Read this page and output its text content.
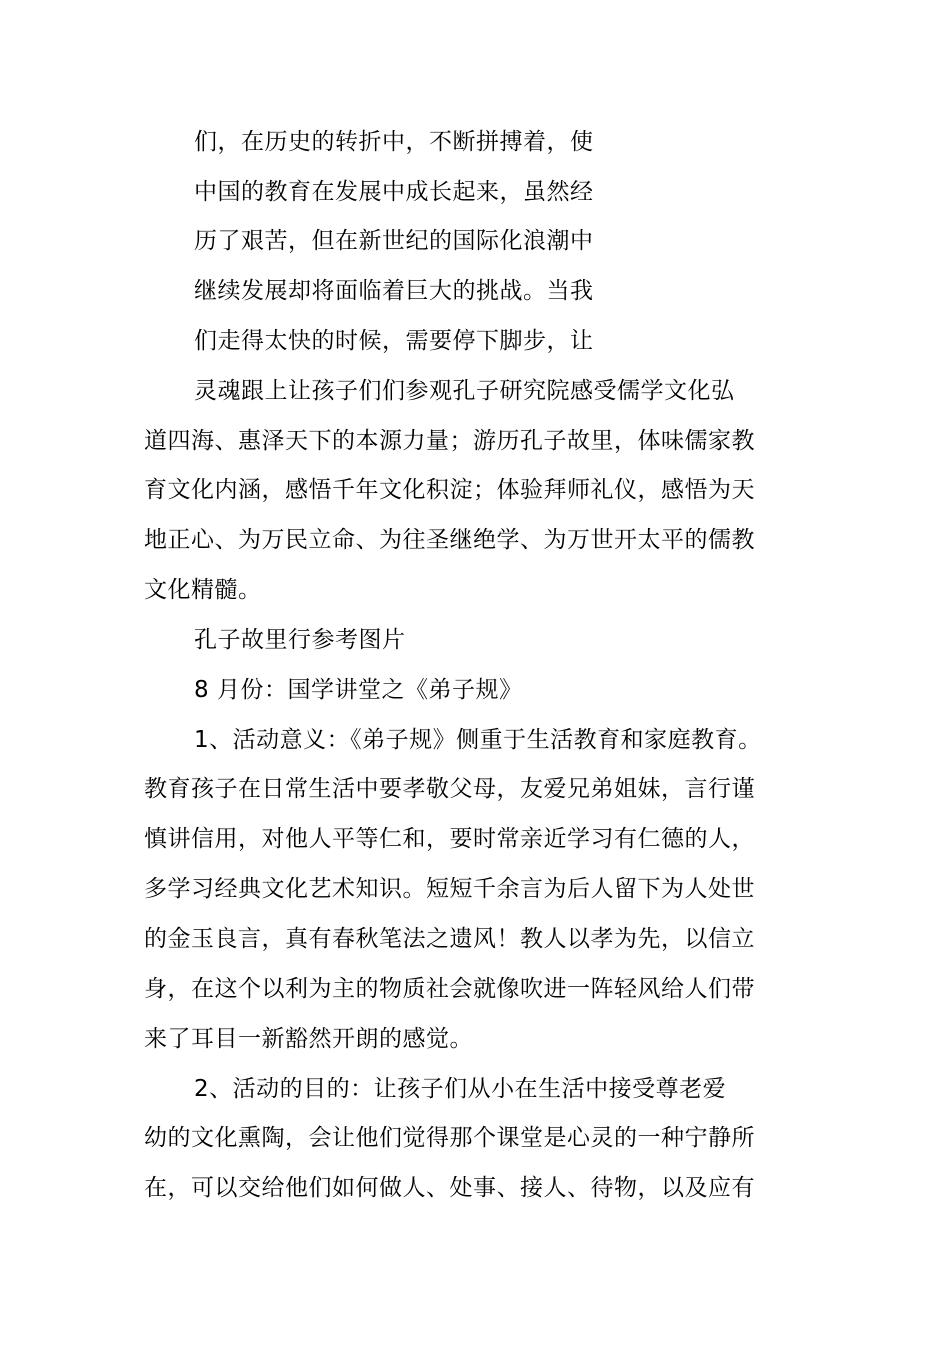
们，在历史的转折中，不断拼搏着，使
中国的教育在发展中成长起来，虽然经
历了艰苦，但在新世纪的国际化浪潮中
继续发展却将面临着巨大的挑战。当我
们走得太快的时候，需要停下脚步，让
灵魂跟上让孩子们们参观孔子研究院感受儒学文化弘
道四海、惠泽天下的本源力量；游历孔子故里，体味儒家教
育文化内涵，感悟千年文化积淀；体验拜师礼仪，感悟为天
地正心、为万民立命、为往圣继绝学、为万世开太平的儒教
文化精髓。
孔子故里行参考图片
8 月份：国学讲堂之《弟子规》
1、活动意义：《弟子规》侧重于生活教育和家庭教育。
教育孩子在日常生活中要孝敬父母，友爱兄弟姐妹，言行谨
慎讲信用，对他人平等仁和，要时常亲近学习有仁德的人，
多学习经典文化艺术知识。短短千余言为后人留下为人处世
的金玉良言，真有春秋笔法之遗风！教人以孝为先，以信立
身，在这个以利为主的物质社会就像吹进一阵轻风给人们带
来了耳目一新豁然开朗的感觉。
2、活动的目的：让孩子们从小在生活中接受尊老爱
幼的文化熏陶，会让他们觉得那个课堂是心灵的一种宁静所
在，可以交给他们如何做人、处事、接人、待物，以及应有
